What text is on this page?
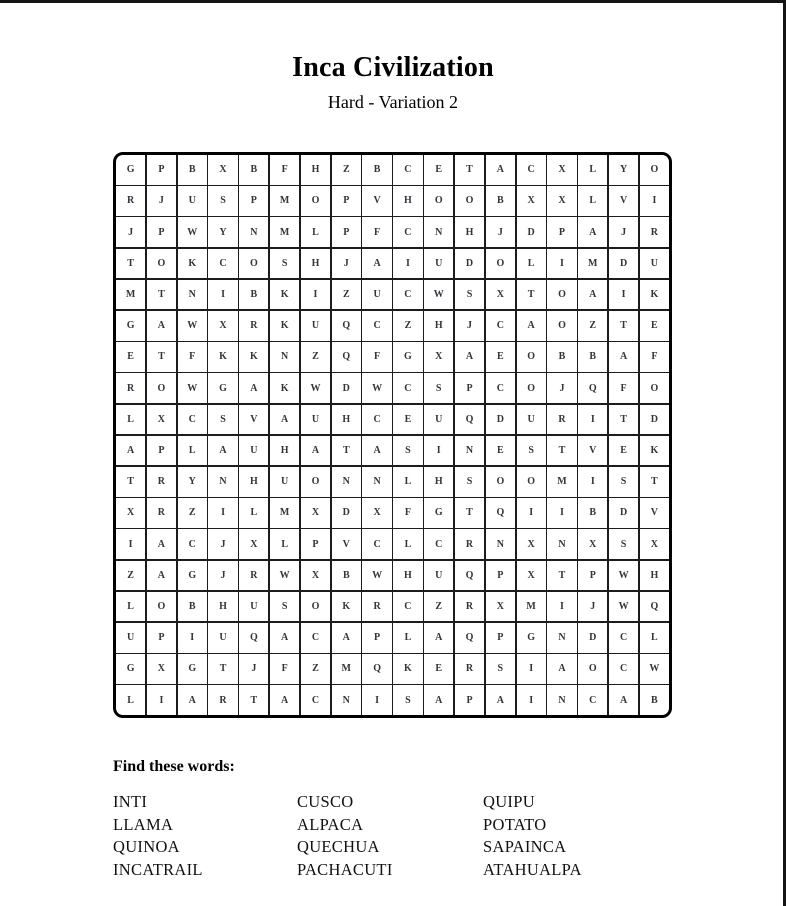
Inca Civilization
Hard - Variation 2
G	P	B	X	B	F	H	Z	B	C	E	T	A	C	X	L	Y	O
R	J	U	S	P	M	O	P	V	H	O	O	B	X	X	L	V	I
J	P	W	Y	N	M	L	P	F	C	N	H	J	D	P	A	J	R
T	O	K	C	O	S	H	J	A	I	U	D	O	L	I	M	D	U
M	T	N	I	B	K	I	Z	U	C	W	S	X	T	O	A	I	K
G	A	W	X	R	K	U	Q	C	Z	H	J	C	A	O	Z	T	E
E	T	F	K	K	N	Z	Q	F	G	X	A	E	O	B	B	A	F
R	O	W	G	A	K	W	D	W	C	S	P	C	O	J	Q	F	O
L	X	C	S	V	A	U	H	C	E	U	Q	D	U	R	I	T	D
A	P	L	A	U	H	A	T	A	S	I	N	E	S	T	V	E	K
T	R	Y	N	H	U	O	N	N	L	H	S	O	O	M	I	S	T
X	R	Z	I	L	M	X	D	X	F	G	T	Q	I	I	B	D	V
I	A	C	J	X	L	P	V	C	L	C	R	N	X	N	X	S	X
Z	A	G	J	R	W	X	B	W	H	U	Q	P	X	T	P	W	H
L	O	B	H	U	S	O	K	R	C	Z	R	X	M	I	J	W	Q
U	P	I	U	Q	A	C	A	P	L	A	Q	P	G	N	D	C	L
G	X	G	T	J	F	Z	M	Q	K	E	R	S	I	A	O	C	W
L	I	A	R	T	A	C	N	I	S	A	P	A	I	N	C	A	B
Find these words:
INTI
LLAMA
QUINOA
INCATRAIL
CUSCO
ALPACA
QUECHUA
PACHACUTI
QUIPU
POTATO
SAPAINCA
ATAHUALPA
